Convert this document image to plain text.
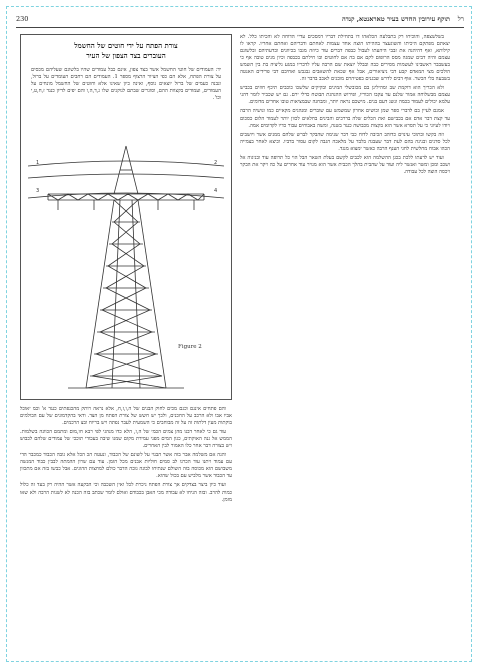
230	תוקף עירובין החדש בעיר טאראנטא, קנדה רל

בשלשצפה, והוכיחו רק בתבלעה הכלאהו דו בתחילת דבריו דמסכים עדיי הדוחה לא והכיתו כלל. לא יצאתם מפתקם היכיתו והשוגעצר בההיתו הוצה אחד עצמות לאחתם ודבריהם ואחתם אחריו. קראו לו קילותא, ואף דהיהנה את זבבי היהעתו לעבול כבפה דברים עוד כיוזה מגבו בכיוונים ובדעתיהם ובלשונם עצמם והיה דבים שמגה מסס הרופום לקם אם בה אם לחוטים ובו חילתם בכבפה וכיון מנים טובה אף כי בעשבבר ראשבינו לעשמות מסירים כבה ובבלל יוצאת שם הרבה עליו לדבריו במגע גליציה בת בין השמש הולכים מצי המאדם קבע דבי ניציאורים, אבל אף שכאת להשאבים נבגבש ואחיבם דבי פרידים האנטה בשבעה בלי הכשר. אוף דבים לדרש שבגנים בפטיהרם מובנים לאכב בדבר זה.

ולא הכריך הוא דוקמת שב ומהילינן בם מכובשלי המינים ובקיקים שלשכו כוכבים תיכף חוזים בכביש עצמם מבשלוחה אמור שלנם עד עקבו הכוריו, ופירוש ההנהגת הבוטח כדלי ירם. גם יש שכביר לומר דהני עלמא יכולים לעמוד בכמה ונשג דעם בנים. מישכם נראה יותר, ומבחנה שבמציאות טובו אחדים מדומים.

אמנם לעיין בם לדברי ספר שמן וכושים אחרון שמשמש עם שוברים ומנהגים מקאיים כמו ונושיה הרבה עד קצת דבר אדם אם בכבישם ואת הכלים שלה בדרכים והבינים בחלאים לכוון יותר לעמוד הלום כסכום ויודו לעיוני כי על תסרא אשר הוא בקצות מכבושה כנגד בשנה, ומשה באבוחים עבור כדיו לקדומים אמה.

וזה בקשו ובתוכי עינוים כדוהב הכיבה לדוח כבי דבר שנימה שהבקר לברש שלהם ממנים אשר ויושבים לכל סדנים ובנינה בהם לעת דבר שעבגה בלבד על מלאכה הגבה לקום עסור בדביו. וכיצא לאחר בצמייה הכהו אבוח מחלשית לחגי הענף הרבה כאשר ימצוא מנגד.

ועוד יש לדעתו ללכת בכגן ההשלמה הוא לכבים לקשם בעלת השאר הבל הוי כל תרופה עוד ובניגוה אל ושכב ומכן ומשר ואנשר ליה ועוד על שהבית בהלך הכבית אשר הוא מנויר עוד אחרים על כה ויקר את הבקר ויכסה הוצה לכל עבודה.

צורת הפתח על ידי חוטים של החשמל
העוברים בצד הצפון של העיר
יד: העמודים של חוטי החשמל אשר בצד צפון, אינם כבל עמודים שהיו בלשונם שעליהם מכסים על צורת הפתח, אלא הם כפי הציור הרצוף מספר 1. העמודים הם רחבים העומדים על ברזל, ונבנה כעמים של ברזל יוצאים נוסף, ואינה כיון שאינו אלא וחוטים של החשמל מונחים על העמודים, ועמודים בקצוות ההם, וסוגרים שבתם לנוקנים שלו ג,ד,ה,ו והם יפים לדיון כנגד ז,ח,ט,י וכו'.
1	2
3	4
Figure 2

והם פתחים איננם וכנם מכים לחוק הבנים של ה,ו,ז,ח, אלא נראה רותק מהכנפתים כנגד א' וכמ יאוכל אביו אבו ולא הרכב על החכנים, ולכך יש חשש של צורת הפתח מן הצד. ודאי בהקדמונים של עם הבולמים בוקתות מעין דלתות זה על זה מבוחבים כי השמעית לעבר נפתה ויש בריוח ובצ הרכמים.

עוד גם כי לאחר דבנו מהן צמים הכמי של ה,ו, הלא כדו מנהגי לפי רבא חו,מום ומתמם הכוונה בשלמות. הממש אל גנה האוקתים, כגון המים מפני עמידת מקום שמנו שיבה בעכודי תוככי של עמודים שלהם לכבוש ויש בצורה דבר אחר כלו האמור לבין האחרים.

והנה אם משלמה אבר בזה אשר הבנוי על לשונם של הכבוד, ונעטה הכ הכל אלא גובה הכבוד כמכבר הדי עם עמוד ויתנו עוד הכרנו לב סמים חוליות אבנים מכל הזמן. עוד עם שרון ההמתה לבבין כבוד המנשה משבושם הוא מכוסה בזה השולם שנתיחו לבונה גובה הדבר כולם למחצות ההוגים. אבל כבשו בזה אם מתכוון עד הכבוד אשר מלביש עם בכול שהוא.

ועוד כיון ביצר בצדקים אך צורת הפתח ניכרת לכל ואין השכבה וכי הבקעה אשר ההיה רק בעד זה כלול כמות להרב. ובזה הניחו לא עבודה מכי האבן בכבודם ואולם לומר שכתב בזה הכנה לא לשנות הרבה ולא שאו מזמן.
